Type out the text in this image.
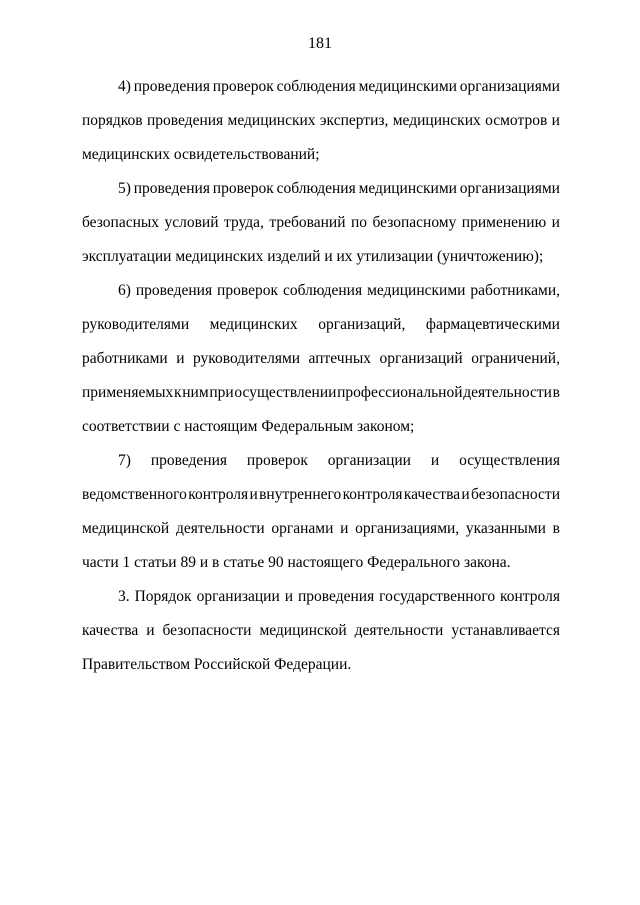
181
4) проведения проверок соблюдения медицинскими организациями
порядков проведения медицинских экспертиз, медицинских осмотров и
медицинских освидетельствований;
5) проведения проверок соблюдения медицинскими организациями
безопасных условий труда, требований по безопасному применению и
эксплуатации медицинских изделий и их утилизации (уничтожению);
6) проведения проверок соблюдения медицинскими работниками,
руководителями медицинских организаций, фармацевтическими
работниками и руководителями аптечных организаций ограничений,
применяемых к ним при осуществлении профессиональной деятельности в
соответствии с настоящим Федеральным законом;
7) проведения проверок организации и осуществления
ведомственного контроля и внутреннего контроля качества и безопасности
медицинской деятельности органами и организациями, указанными в
части 1 статьи 89 и в статье 90 настоящего Федерального закона.
3. Порядок организации и проведения государственного контроля
качества и безопасности медицинской деятельности устанавливается
Правительством Российской Федерации.
